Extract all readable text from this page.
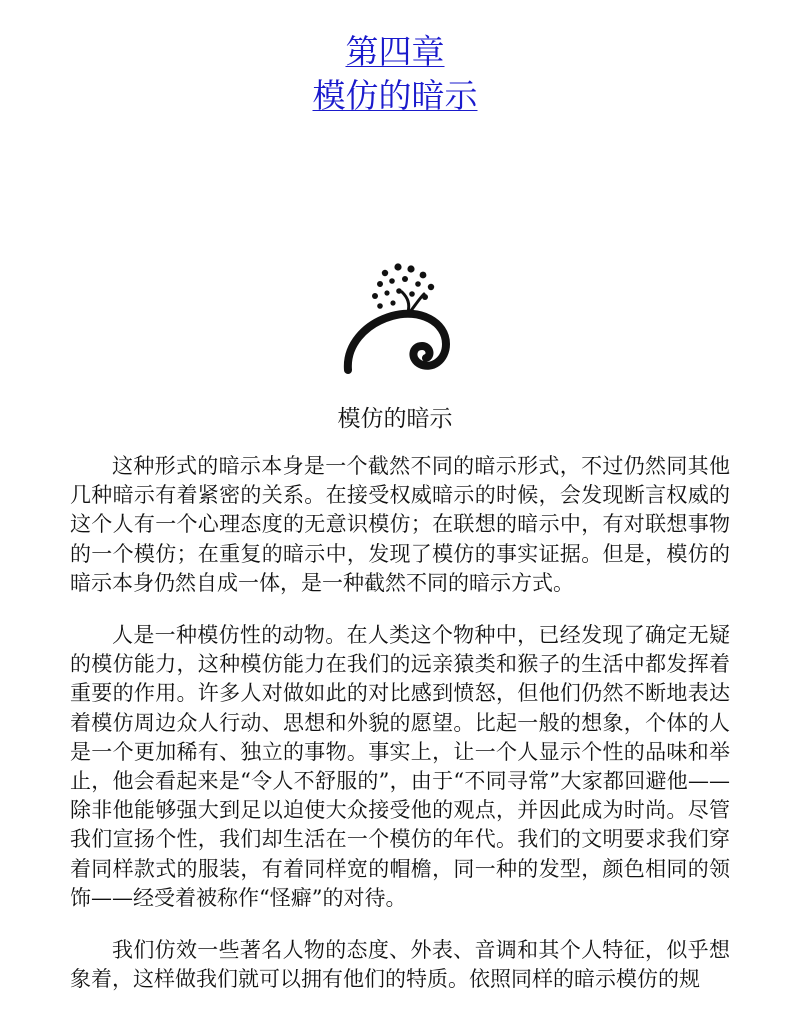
第四章
模仿的暗示
模仿的暗示

这种形式的暗示本身是一个截然不同的暗示形式，不过仍然同其他几种暗示有着紧密的关系。在接受权威暗示的时候，会发现断言权威的这个人有一个心理态度的无意识模仿；在联想的暗示中，有对联想事物的一个模仿；在重复的暗示中，发现了模仿的事实证据。但是，模仿的暗示本身仍然自成一体，是一种截然不同的暗示方式。

人是一种模仿性的动物。在人类这个物种中，已经发现了确定无疑的模仿能力，这种模仿能力在我们的远亲猿类和猴子的生活中都发挥着重要的作用。许多人对做如此的对比感到愤怒，但他们仍然不断地表达着模仿周边众人行动、思想和外貌的愿望。比起一般的想象，个体的人是一个更加稀有、独立的事物。事实上，让一个人显示个性的品味和举止，他会看起来是“令人不舒服的”，由于“不同寻常”大家都回避他——除非他能够强大到足以迫使大众接受他的观点，并因此成为时尚。尽管我们宣扬个性，我们却生活在一个模仿的年代。我们的文明要求我们穿着同样款式的服装，有着同样宽的帽檐，同一种的发型，颜色相同的领饰——经受着被称作“怪癖”的对待。

我们仿效一些著名人物的态度、外表、音调和其个人特征，似乎想象着，这样做我们就可以拥有他们的特质。依照同样的暗示模仿的规
